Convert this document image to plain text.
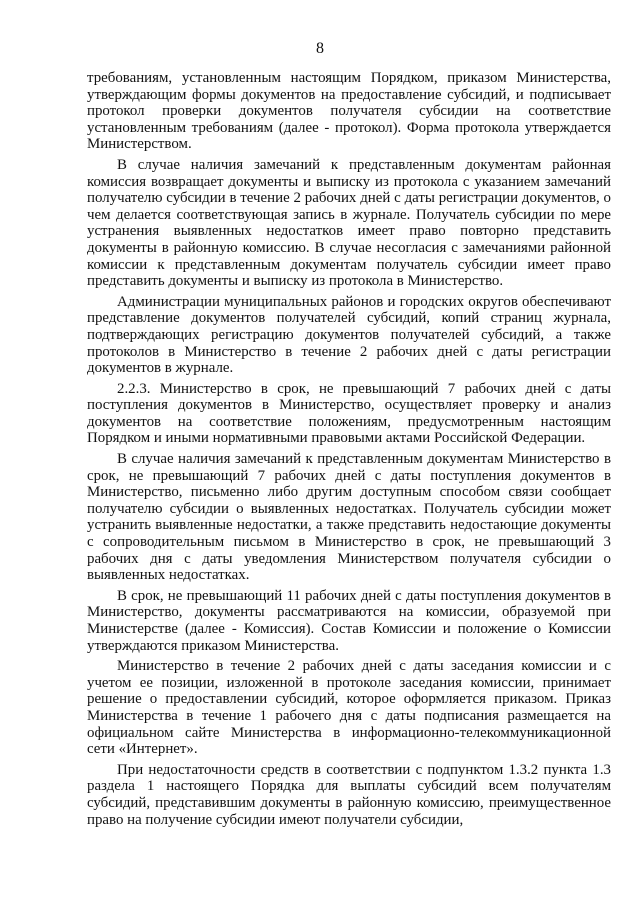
8

требованиям, установленным настоящим Порядком, приказом Министерства, утверждающим формы документов на предоставление субсидий, и подписывает протокол проверки документов получателя субсидии на соответствие установленным требованиям (далее - протокол). Форма протокола утверждается Министерством.

В случае наличия замечаний к представленным документам районная комиссия возвращает документы и выписку из протокола с указанием замечаний получателю субсидии в течение 2 рабочих дней с даты регистрации документов, о чем делается соответствующая запись в журнале. Получатель субсидии по мере устранения выявленных недостатков имеет право повторно представить документы в районную комиссию. В случае несогласия с замечаниями районной комиссии к представленным документам получатель субсидии имеет право представить документы и выписку из протокола в Министерство.

Администрации муниципальных районов и городских округов обеспечивают представление документов получателей субсидий, копий страниц журнала, подтверждающих регистрацию документов получателей субсидий, а также протоколов в Министерство в течение 2 рабочих дней с даты регистрации документов в журнале.

2.2.3. Министерство в срок, не превышающий 7 рабочих дней с даты поступления документов в Министерство, осуществляет проверку и анализ документов на соответствие положениям, предусмотренным настоящим Порядком и иными нормативными правовыми актами Российской Федерации.

В случае наличия замечаний к представленным документам Министерство в срок, не превышающий 7 рабочих дней с даты поступления документов в Министерство, письменно либо другим доступным способом связи сообщает получателю субсидии о выявленных недостатках. Получатель субсидии может устранить выявленные недостатки, а также представить недостающие документы с сопроводительным письмом в Министерство в срок, не превышающий 3 рабочих дня с даты уведомления Министерством получателя субсидии о выявленных недостатках.

В срок, не превышающий 11 рабочих дней с даты поступления документов в Министерство, документы рассматриваются на комиссии, образуемой при Министерстве (далее - Комиссия). Состав Комиссии и положение о Комиссии утверждаются приказом Министерства.

Министерство в течение 2 рабочих дней с даты заседания комиссии и с учетом ее позиции, изложенной в протоколе заседания комиссии, принимает решение о предоставлении субсидий, которое оформляется приказом. Приказ Министерства в течение 1 рабочего дня с даты подписания размещается на официальном сайте Министерства в информационно-телекоммуникационной сети «Интернет».

При недостаточности средств в соответствии с подпунктом 1.3.2 пункта 1.3 раздела 1 настоящего Порядка для выплаты субсидий всем получателям субсидий, представившим документы в районную комиссию, преимущественное право на получение субсидии имеют получатели субсидии,
